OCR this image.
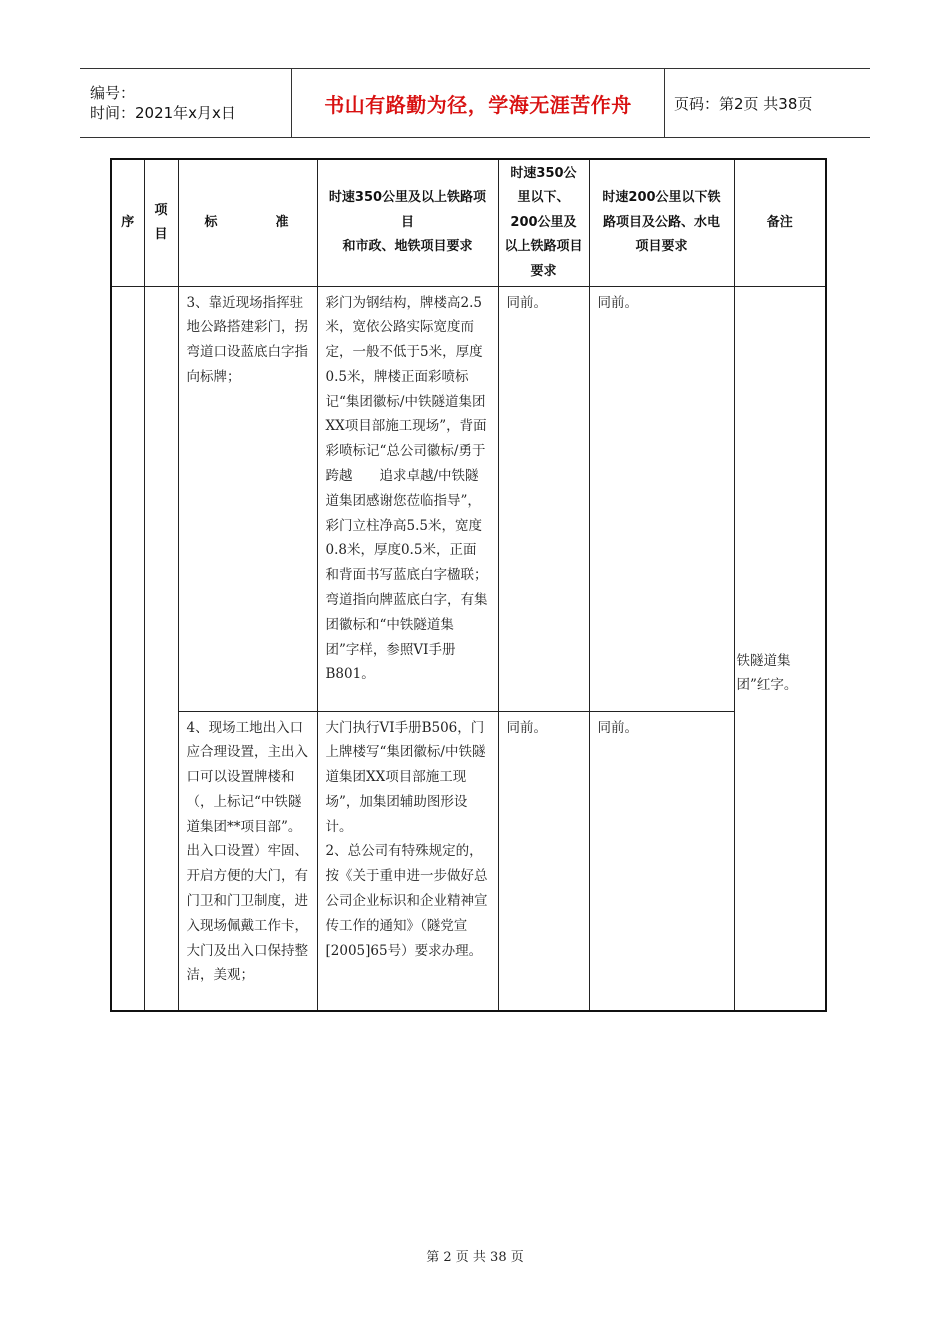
编号：
时间：2021年x月x日	书山有路勤为径，学海无涯苦作舟	页码：第2页 共38页
序	项目	标 准	时速350公里及以上铁路项目
和市政、地铁项目要求	时速350公里以下、200公里及以上铁路项目要求	时速200公里以下铁路项目及公路、水电项目要求	备注

		3、靠近现场指挥驻地公路搭建彩门，拐弯道口设蓝底白字指向标牌；	彩门为钢结构，牌楼高2.5米，宽依公路实际宽度而定，一般不低于5米，厚度0.5米，牌楼正面彩喷标记“集团徽标/中铁隧道集团XX项目部施工现场”，背面彩喷标记“总公司徽标/勇于跨越　　追求卓越/中铁隧道集团感谢您莅临指导”，彩门立柱净高5.5米，宽度0.8米，厚度0.5米，正面和背面书写蓝底白字楹联；弯道指向牌蓝底白字，有集团徽标和“中铁隧道集团”字样，参照VI手册B801。	同前。	同前。	铁隧道集团”红字。

		4、现场工地出入口应合理设置，主出入口可以设置牌楼和（，上标记“中铁隧道集团**项目部”。出入口设置）牢固、开启方便的大门，有门卫和门卫制度，进入现场佩戴工作卡，大门及出入口保持整洁，美观；	大门执行VI手册B506，门上牌楼写“集团徽标/中铁隧道集团XX项目部施工现场”，加集团辅助图形设计。
2、总公司有特殊规定的，按《关于重申进一步做好总公司企业标识和企业精神宣传工作的通知》（隧党宣[2005]65号）要求办理。	同前。	同前。	
第 2 页 共 38 页
